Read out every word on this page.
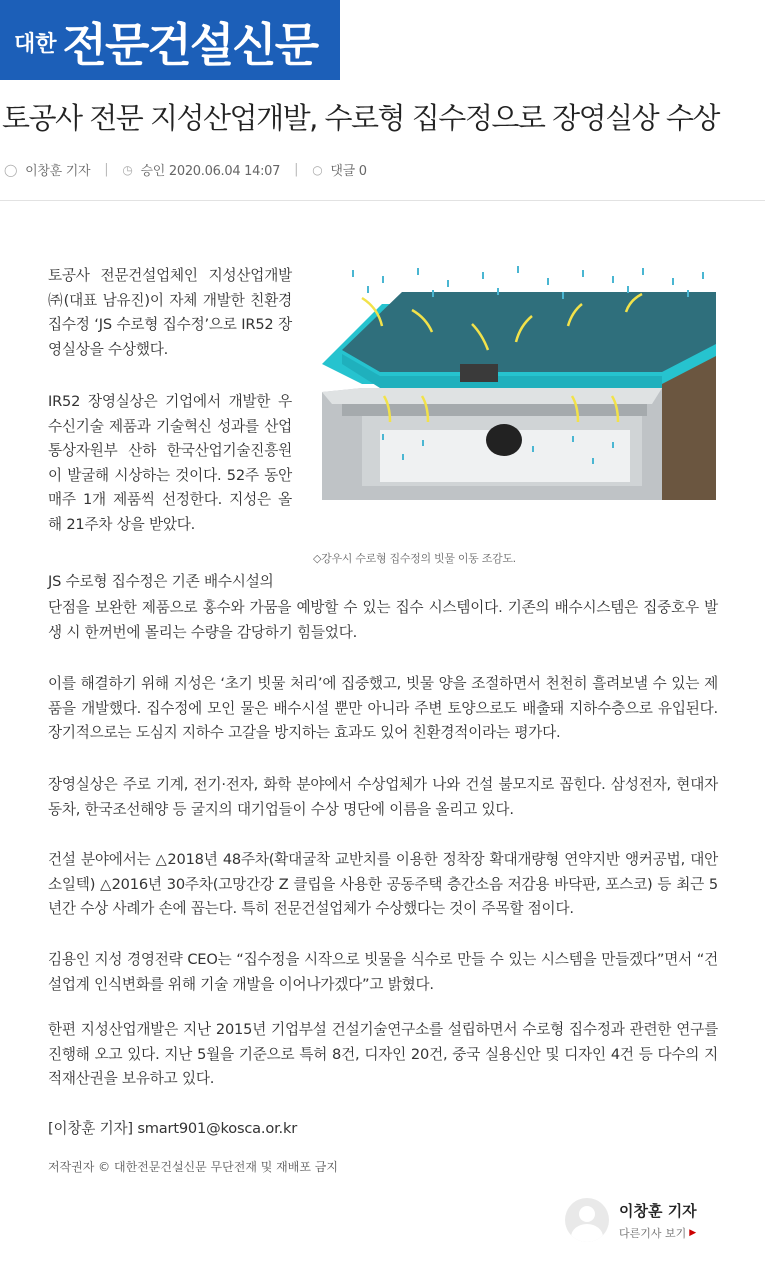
대한 전문건설신문
토공사 전문 지성산업개발, 수로형 집수정으로 장영실상 수상
◯ 이창훈 기자 | ◷ 승인 2020.06.04 14:07 | ○ 댓글 0
◇강우시 수로형 집수정의 빗물 이동 조감도.

토공사 전문건설업체인 지성산업개발㈜(대표 남유진)이 자체 개발한 친환경 집수정 ‘JS 수로형 집수정’으로 IR52 장영실상을 수상했다.

IR52 장영실상은 기업에서 개발한 우수신기술 제품과 기술혁신 성과를 산업통상자원부 산하 한국산업기술진흥원이 발굴해 시상하는 것이다. 52주 동안 매주 1개 제품씩 선정한다. 지성은 올해 21주차 상을 받았다.

JS 수로형 집수정은 기존 배수시설의

단점을 보완한 제품으로 홍수와 가뭄을 예방할 수 있는 집수 시스템이다. 기존의 배수시스템은 집중호우 발생 시 한꺼번에 몰리는 수량을 감당하기 힘들었다.

이를 해결하기 위해 지성은 ‘초기 빗물 처리’에 집중했고, 빗물 양을 조절하면서 천천히 흘려보낼 수 있는 제품을 개발했다. 집수정에 모인 물은 배수시설 뿐만 아니라 주변 토양으로도 배출돼 지하수층으로 유입된다. 장기적으로는 도심지 지하수 고갈을 방지하는 효과도 있어 친환경적이라는 평가다.

장영실상은 주로 기계, 전기·전자, 화학 분야에서 수상업체가 나와 건설 불모지로 꼽힌다. 삼성전자, 현대자동차, 한국조선해양 등 굴지의 대기업들이 수상 명단에 이름을 올리고 있다.

건설 분야에서는 △2018년 48주차(확대굴착 교반치를 이용한 정착장 확대개량형 연약지반 앵커공법, 대안소일텍) △2016년 30주차(고망간강 Z 클립을 사용한 공동주택 층간소음 저감용 바닥판, 포스코) 등 최근 5년간 수상 사례가 손에 꼽는다. 특히 전문건설업체가 수상했다는 것이 주목할 점이다.

김용인 지성 경영전략 CEO는 “집수정을 시작으로 빗물을 식수로 만들 수 있는 시스템을 만들겠다”면서 “건설업계 인식변화를 위해 기술 개발을 이어나가겠다”고 밝혔다.

한편 지성산업개발은 지난 2015년 기업부설 건설기술연구소를 설립하면서 수로형 집수정과 관련한 연구를 진행해 오고 있다. 지난 5월을 기준으로 특허 8건, 디자인 20건, 중국 실용신안 및 디자인 4건 등 다수의 지적재산권을 보유하고 있다.

[이창훈 기자] smart901@kosca.or.kr

저작권자 © 대한전문건설신문 무단전재 및 재배포 금지
이창훈 기자
다른기사 보기 ▶
